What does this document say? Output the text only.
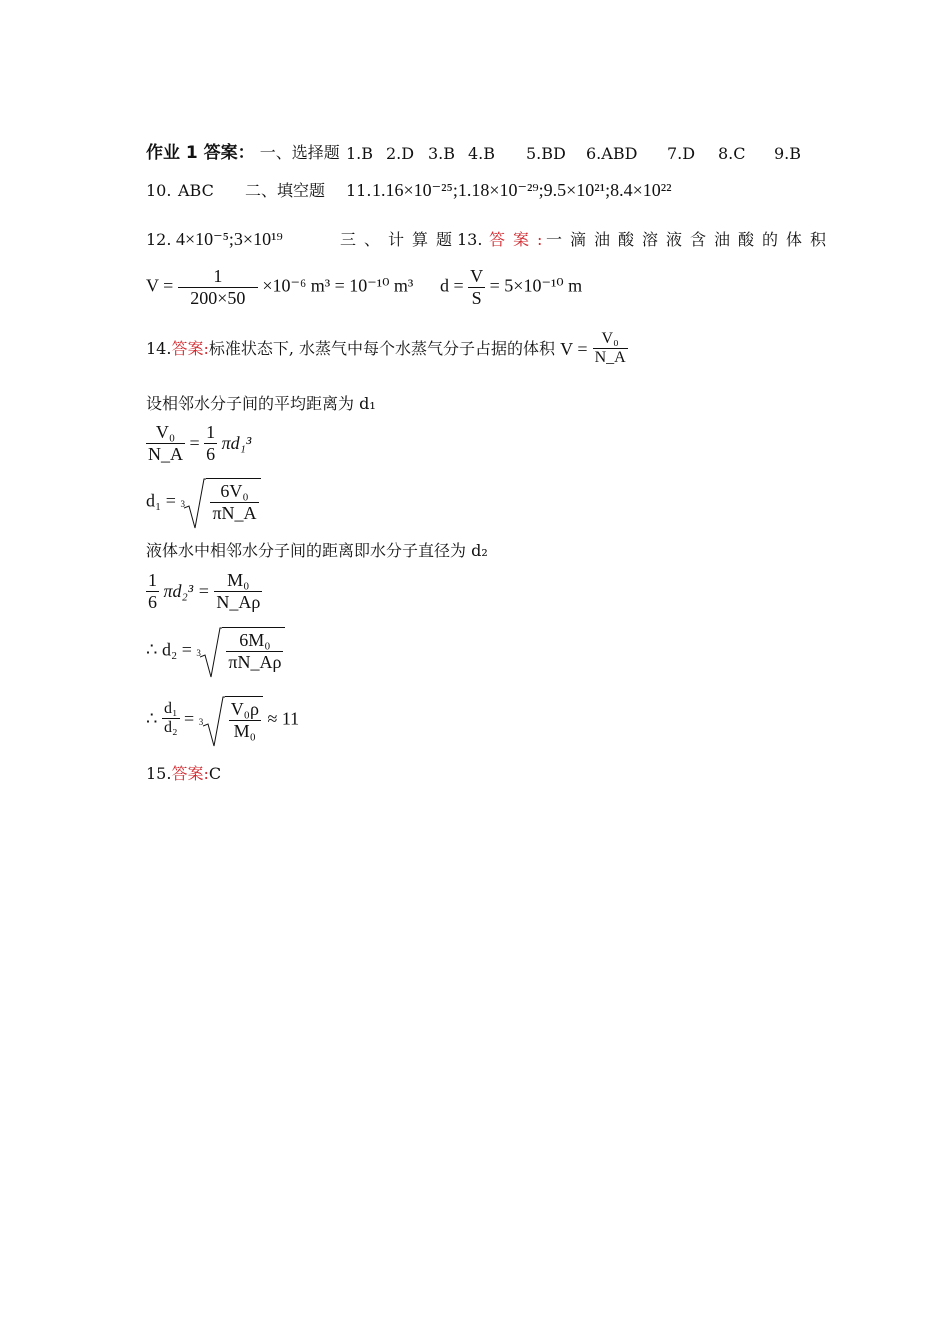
作业 1 答案： 一、选择题 1.B 2.D 3.B 4.B 5.BD 6.ABD 7.D 8.C 9.B
10. ABC 二、填空题 11. 1.16×10⁻²⁵;1.18×10⁻²⁹;9.5×10²¹;8.4×10²²
12. 4×10⁻⁵;3×10¹⁹	三、计算题
13. 答案:
一滴油酸溶液含油酸的体积
$V = \frac{1}{200\times 50} \times 10^{-6}$ m³ = 10⁻¹⁰ m³ $d = \frac{V}{S} = 5\times 10^{-10}$ m
14.答案:标准状态下, 水蒸气中每个水蒸气分子占据的体积 $V = \frac{\text{V₀}}{N\_A}$
设相邻水分子间的平均距离为 d₁
$\frac{\text{V₀}}{N\_A} = \frac{1}{6} \pi d_1^3$
$d_1 = 3 \frac{\text{6V₀}}{\pi N\_A}$
液体水中相邻水分子间的距离即水分子直径为 d₂
$\frac{1}{6} \pi d_2^3 = \frac{\text{M₀}}{N\_A\rho}$
∴ $d_2 = 3 \frac{\text{6M₀}}{\pi N\_A\rho}$
∴ $\frac{\text{d₁}}{\text{d₂}} = 3 \frac{\text{V₀ρ}}{\text{M₀}} \approx 11$
15.答案:C
